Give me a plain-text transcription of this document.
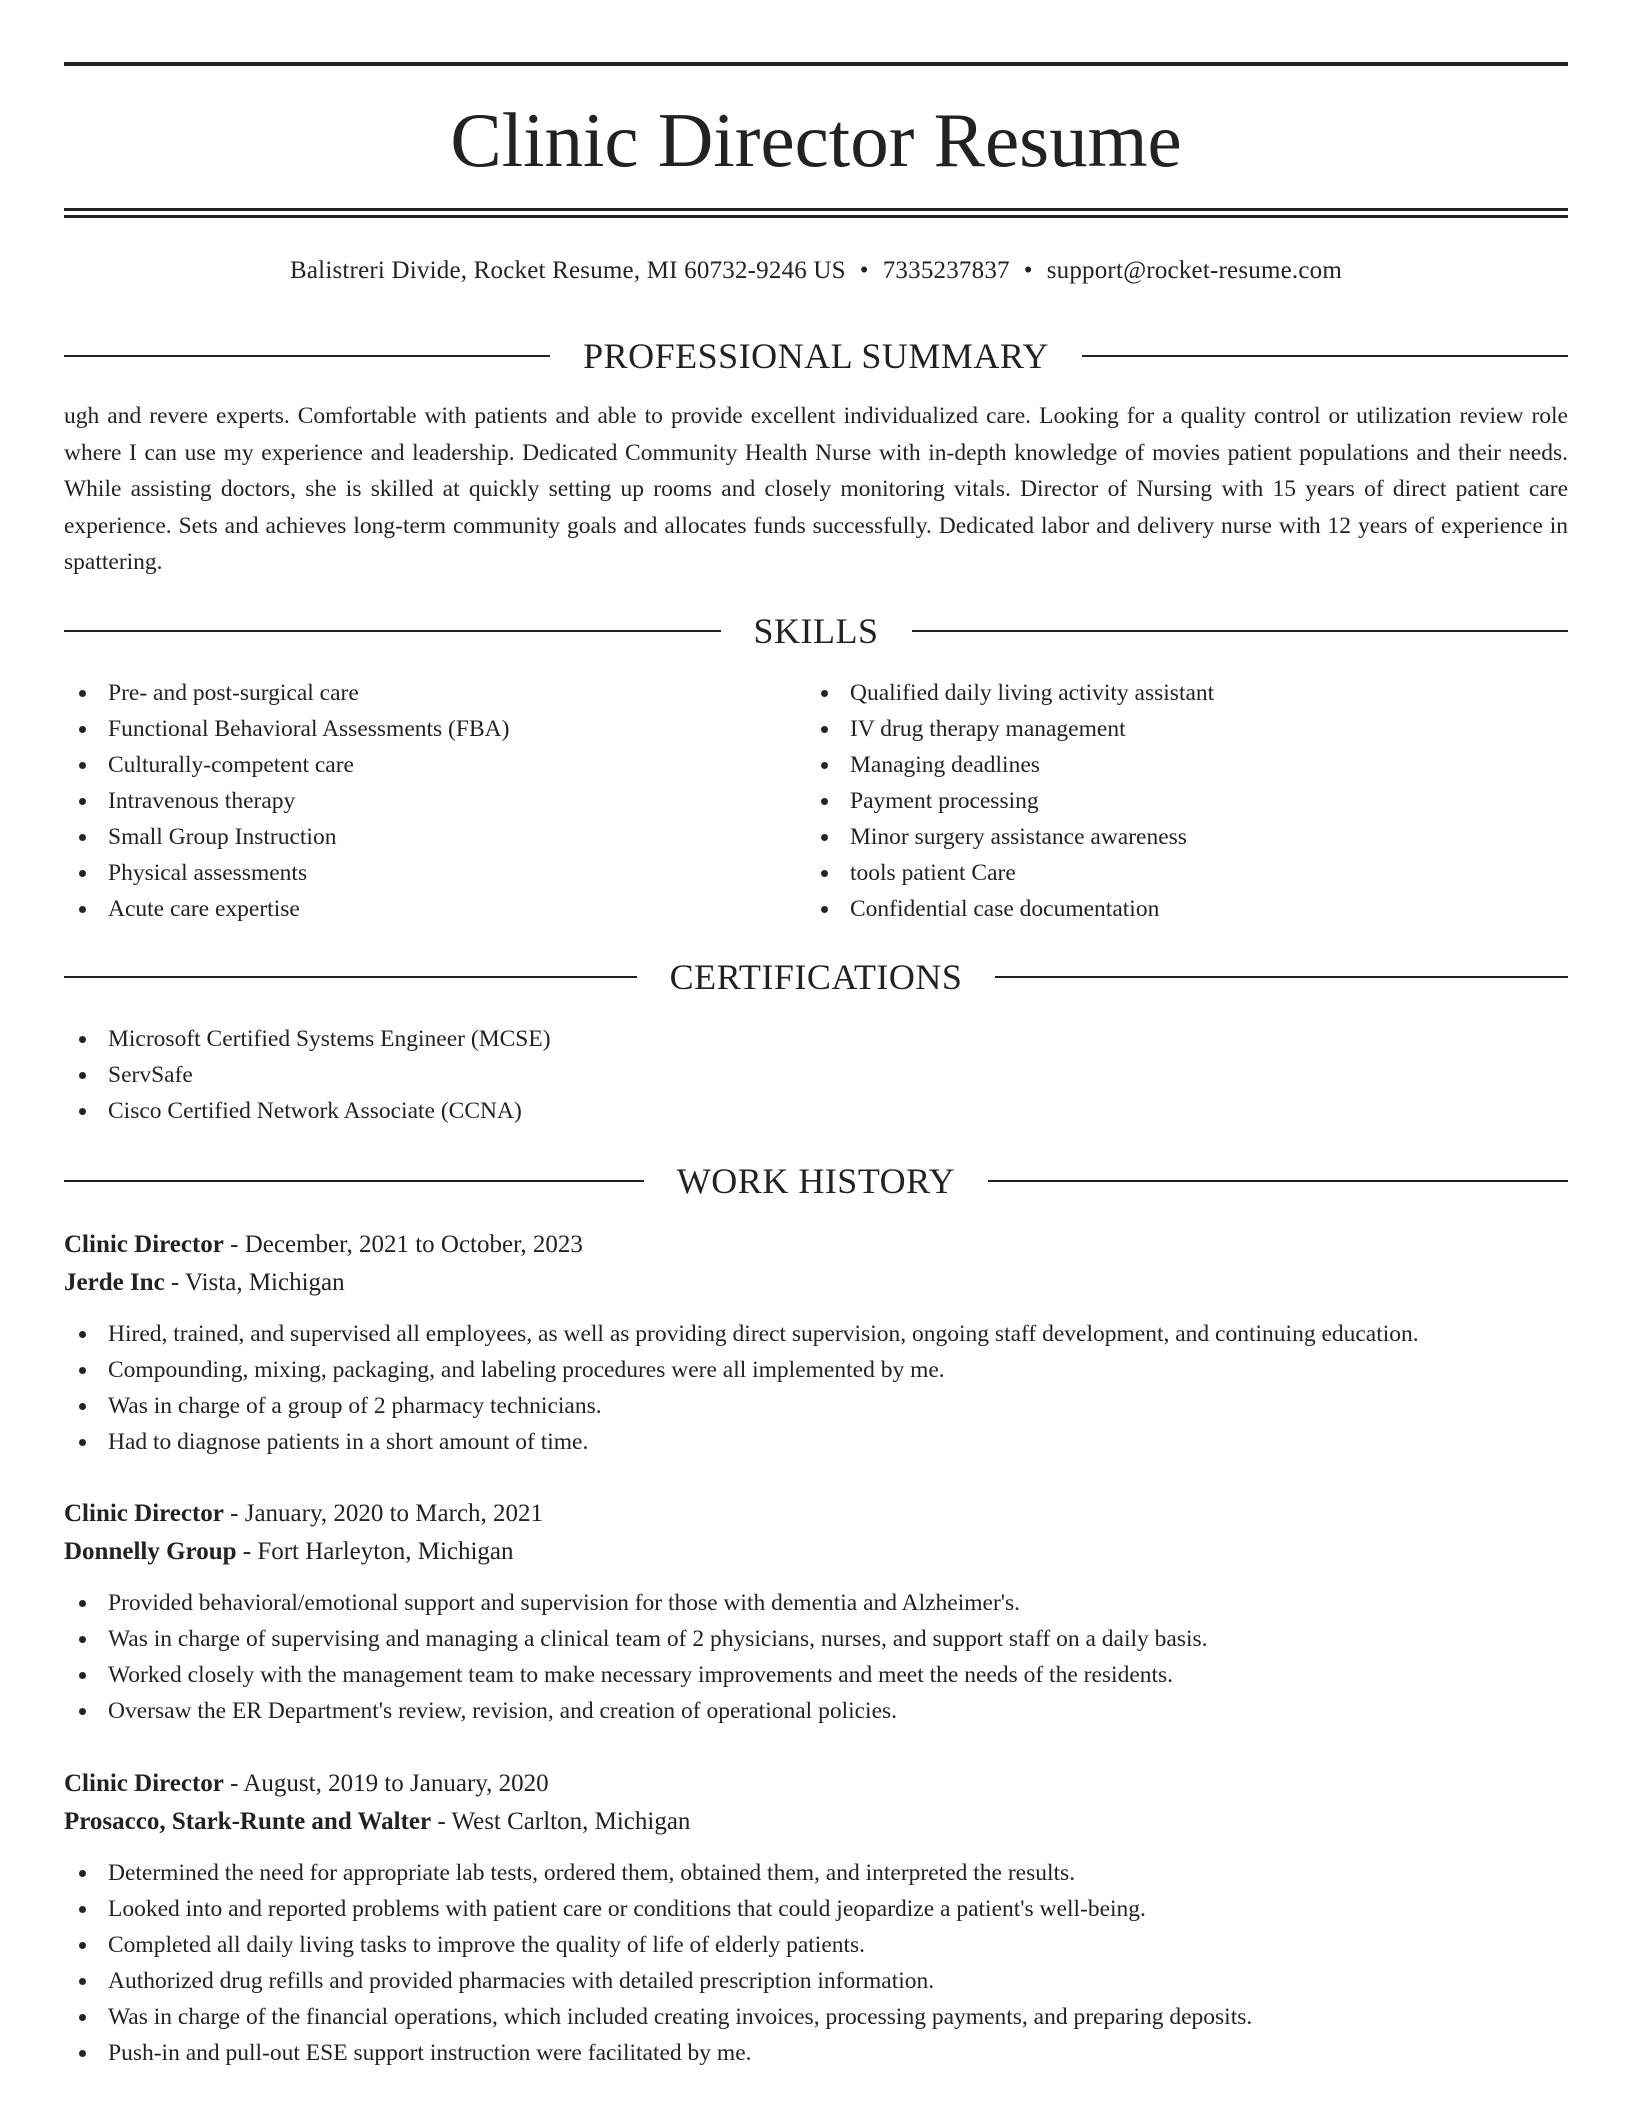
Clinic Director Resume
Balistreri Divide, Rocket Resume, MI 60732-9246 US • 7335237837 • support@rocket-resume.com
PROFESSIONAL SUMMARY

ugh and revere experts. Comfortable with patients and able to provide excellent individualized care. Looking for a quality control or utilization review role where I can use my experience and leadership. Dedicated Community Health Nurse with in-depth knowledge of movies patient populations and their needs. While assisting doctors, she is skilled at quickly setting up rooms and closely monitoring vitals. Director of Nursing with 15 years of direct patient care experience. Sets and achieves long-term community goals and allocates funds successfully. Dedicated labor and delivery nurse with 12 years of experience in spattering.

SKILLS
Pre- and post-surgical care
Functional Behavioral Assessments (FBA)
Culturally-competent care
Intravenous therapy
Small Group Instruction
Physical assessments
Acute care expertise
Qualified daily living activity assistant
IV drug therapy management
Managing deadlines
Payment processing
Minor surgery assistance awareness
tools patient Care
Confidential case documentation
CERTIFICATIONS
Microsoft Certified Systems Engineer (MCSE)
ServSafe
Cisco Certified Network Associate (CCNA)
WORK HISTORY
Clinic Director - December, 2021 to October, 2023
Jerde Inc - Vista, Michigan
Hired, trained, and supervised all employees, as well as providing direct supervision, ongoing staff development, and continuing education.
Compounding, mixing, packaging, and labeling procedures were all implemented by me.
Was in charge of a group of 2 pharmacy technicians.
Had to diagnose patients in a short amount of time.
Clinic Director - January, 2020 to March, 2021
Donnelly Group - Fort Harleyton, Michigan
Provided behavioral/emotional support and supervision for those with dementia and Alzheimer's.
Was in charge of supervising and managing a clinical team of 2 physicians, nurses, and support staff on a daily basis.
Worked closely with the management team to make necessary improvements and meet the needs of the residents.
Oversaw the ER Department's review, revision, and creation of operational policies.
Clinic Director - August, 2019 to January, 2020
Prosacco, Stark-Runte and Walter - West Carlton, Michigan
Determined the need for appropriate lab tests, ordered them, obtained them, and interpreted the results.
Looked into and reported problems with patient care or conditions that could jeopardize a patient's well-being.
Completed all daily living tasks to improve the quality of life of elderly patients.
Authorized drug refills and provided pharmacies with detailed prescription information.
Was in charge of the financial operations, which included creating invoices, processing payments, and preparing deposits.
Push-in and pull-out ESE support instruction were facilitated by me.
